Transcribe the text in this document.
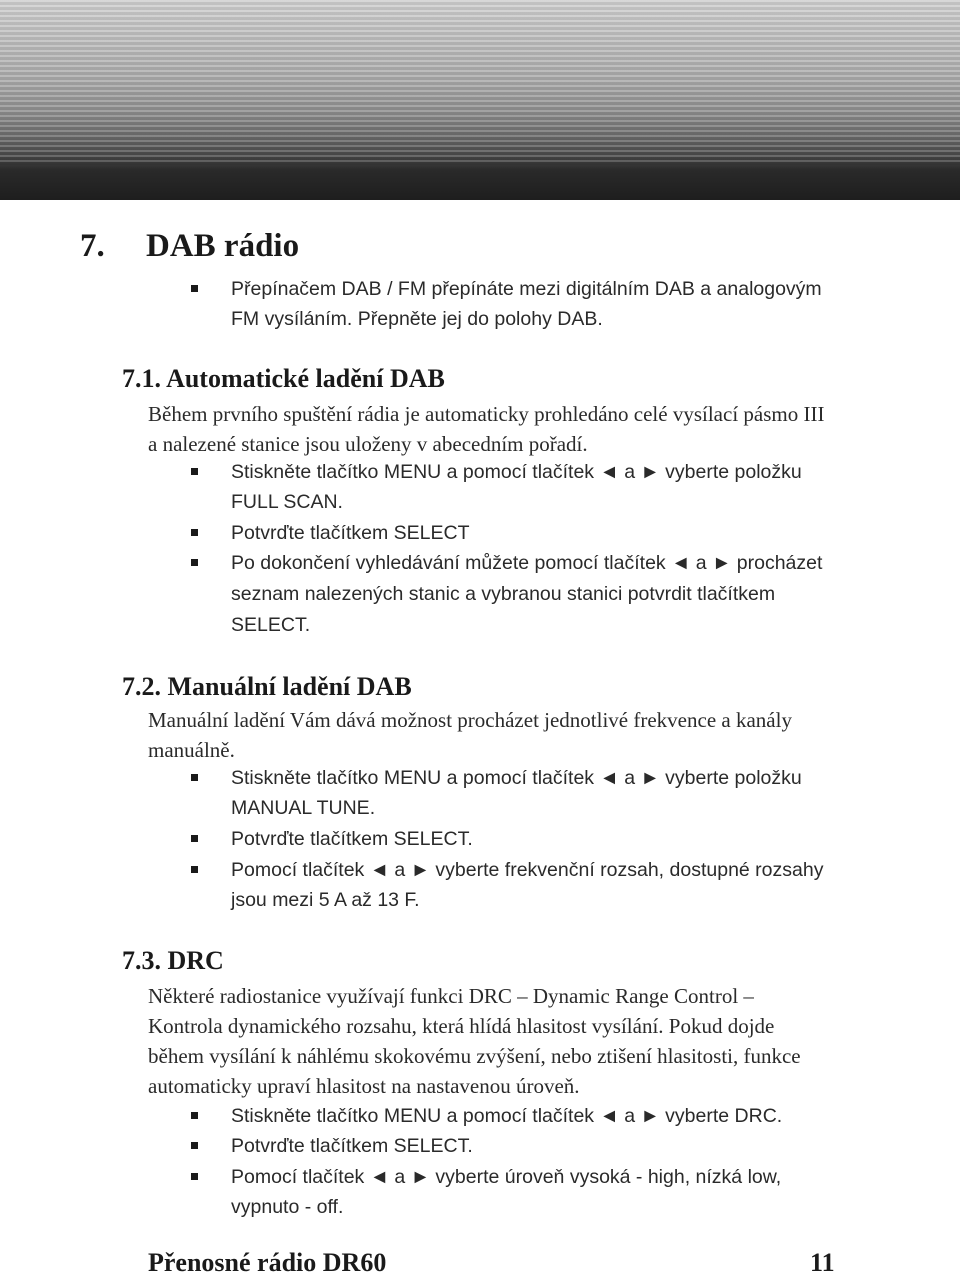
7. DAB rádio
Přepínačem DAB / FM přepínáte mezi digitálním DAB a analogovým
FM vysíláním. Přepněte jej do polohy DAB.
7.1. Automatické ladění DAB
Během prvního spuštění rádia je automaticky prohledáno celé vysílací pásmo III
a nalezené stanice jsou uloženy v abecedním pořadí.
Stiskněte tlačítko MENU a pomocí tlačítek ◄ a ► vyberte položku
FULL SCAN.
Potvrďte tlačítkem SELECT
Po dokončení vyhledávání můžete pomocí tlačítek ◄ a ► procházet
seznam nalezených stanic a vybranou stanici potvrdit tlačítkem
SELECT.
7.2. Manuální ladění DAB
Manuální ladění Vám dává možnost procházet jednotlivé frekvence a kanály
manuálně.
Stiskněte tlačítko MENU a pomocí tlačítek ◄ a ► vyberte položku
MANUAL TUNE.
Potvrďte tlačítkem SELECT.
Pomocí tlačítek ◄ a ► vyberte frekvenční rozsah, dostupné rozsahy
jsou mezi 5 A až 13 F.
7.3. DRC
Některé radiostanice využívají funkci DRC – Dynamic Range Control –
Kontrola dynamického rozsahu, která hlídá hlasitost vysílání. Pokud dojde
během vysílání k náhlému skokovému zvýšení, nebo ztišení hlasitosti, funkce
automaticky upraví hlasitost na nastavenou úroveň.
Stiskněte tlačítko MENU a pomocí tlačítek ◄ a ► vyberte DRC.
Potvrďte tlačítkem SELECT.
Pomocí tlačítek ◄ a ► vyberte úroveň vysoká - high, nízká low,
vypnuto - off.
Přenosné rádio DR60	11
